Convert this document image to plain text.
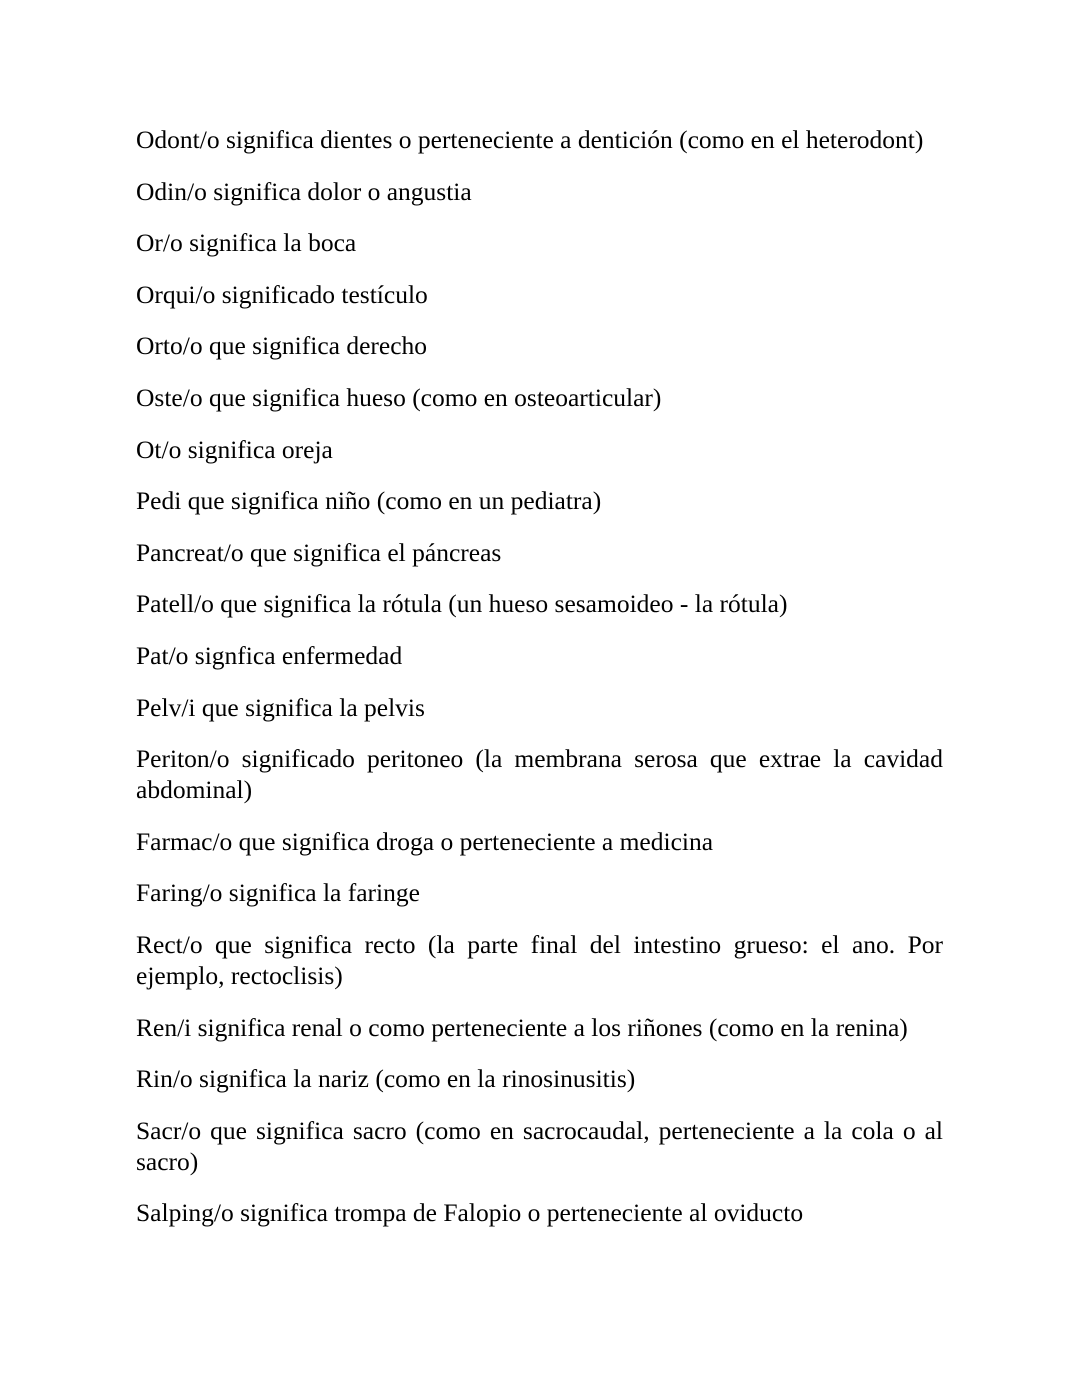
Odont/o significa dientes o perteneciente a dentición (como en el heterodont)

Odin/o significa dolor o angustia

Or/o significa la boca

Orqui/o significado testículo

Orto/o que significa derecho

Oste/o que significa hueso (como en osteoarticular)

Ot/o significa oreja

Pedi que significa niño (como en un pediatra)

Pancreat/o que significa el páncreas

Patell/o que significa la rótula (un hueso sesamoideo - la rótula)

Pat/o signfica enfermedad

Pelv/i que significa la pelvis

Periton/o significado peritoneo (la membrana serosa que extrae la cavidad abdominal)

Farmac/o que significa droga o perteneciente a medicina

Faring/o significa la faringe

Rect/o que significa recto (la parte final del intestino grueso: el ano. Por ejemplo, rectoclisis)

Ren/i significa renal o como perteneciente a los riñones (como en la renina)

Rin/o significa la nariz (como en la rinosinusitis)

Sacr/o que significa sacro (como en sacrocaudal, perteneciente a la cola o al sacro)

Salping/o significa trompa de Falopio o perteneciente al oviducto
